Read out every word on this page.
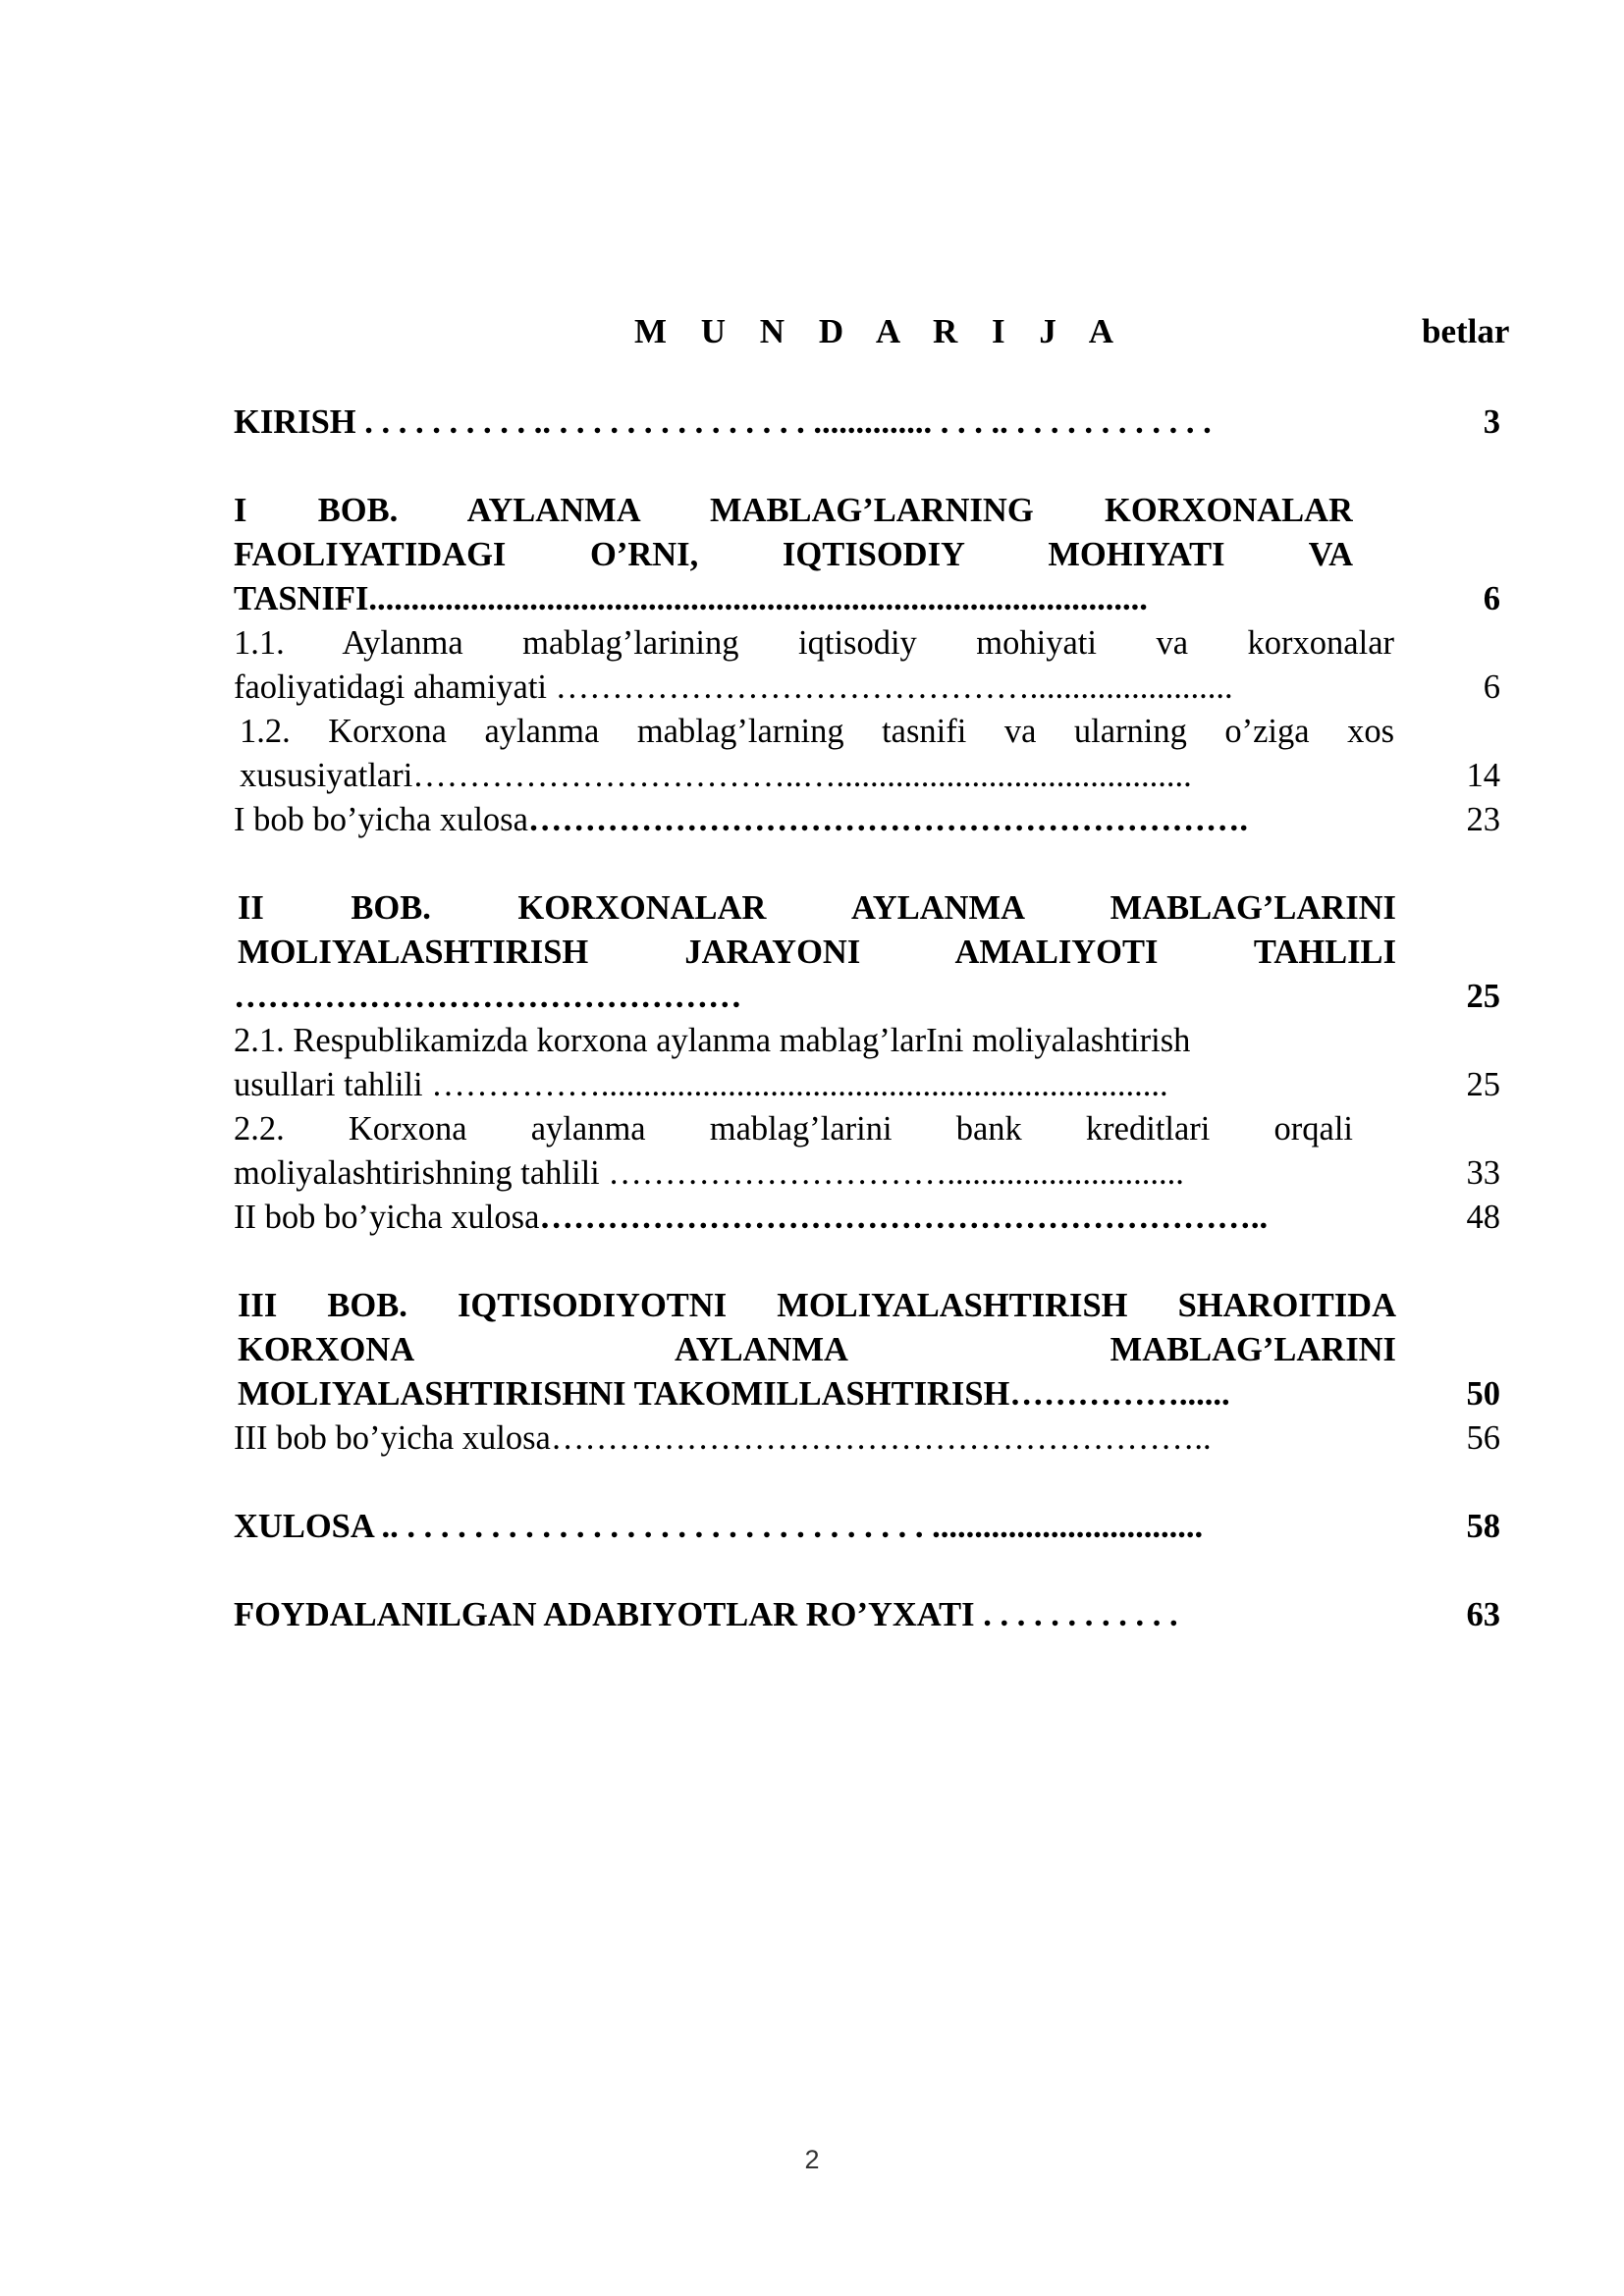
M U N D A R I J A	betlar
KIRISH . . . . . . . . . . .. . . . . . . . . . . . . . . . .............. . . . .. . . . . . . . . . . . .	3
I BOB. AYLANMA MABLAG’LARNING KORXONALAR
FAOLIYATIDAGI O’RNI, IQTISODIY MOHIYATI VA
TASNIFI............................................................................................	6
1.1. Aylanma mablag’larining iqtisodiy mohiyati va korxonalar
faoliyatidagi ahamiyati ……………………………………........................	6
1.2. Korxona aylanma mablag’larning tasnifi va ularning o’ziga xos
xususiyatlari……………………………..…..........................................	14
I bob bo’yicha xulosa……………………………………………………….	23
II BOB. KORXONALAR AYLANMA MABLAG’LARINI
MOLIYALASHTIRISH JARAYONI AMALIYOTI TAHLILI
………………………………………	25
2.1. Respublikamizda korxona aylanma mablag’larIni moliyalashtirish
usullari tahlili ……………...................................................................	25
2.2. Korxona aylanma mablag’larini bank kreditlari orqali
moliyalashtirishning tahlili …………………………............................	33
II bob bo’yicha xulosa………………………………………………………..	48
III BOB. IQTISODIYOTNI MOLIYALASHTIRISH SHAROITIDA
KORXONA AYLANMA MABLAG’LARINI
MOLIYALASHTIRISHNI TAKOMILLASHTIRISH……………......	50
III bob bo’yicha xulosa…………………………………………………..	56
XULOSA .. . . . . . . . . . . . . . . . . . . . . . . . . . . . . . . . ................................	58
FOYDALANILGAN ADABIYOTLAR RO’YXATI . . . . . . . . . . . .	63
2
